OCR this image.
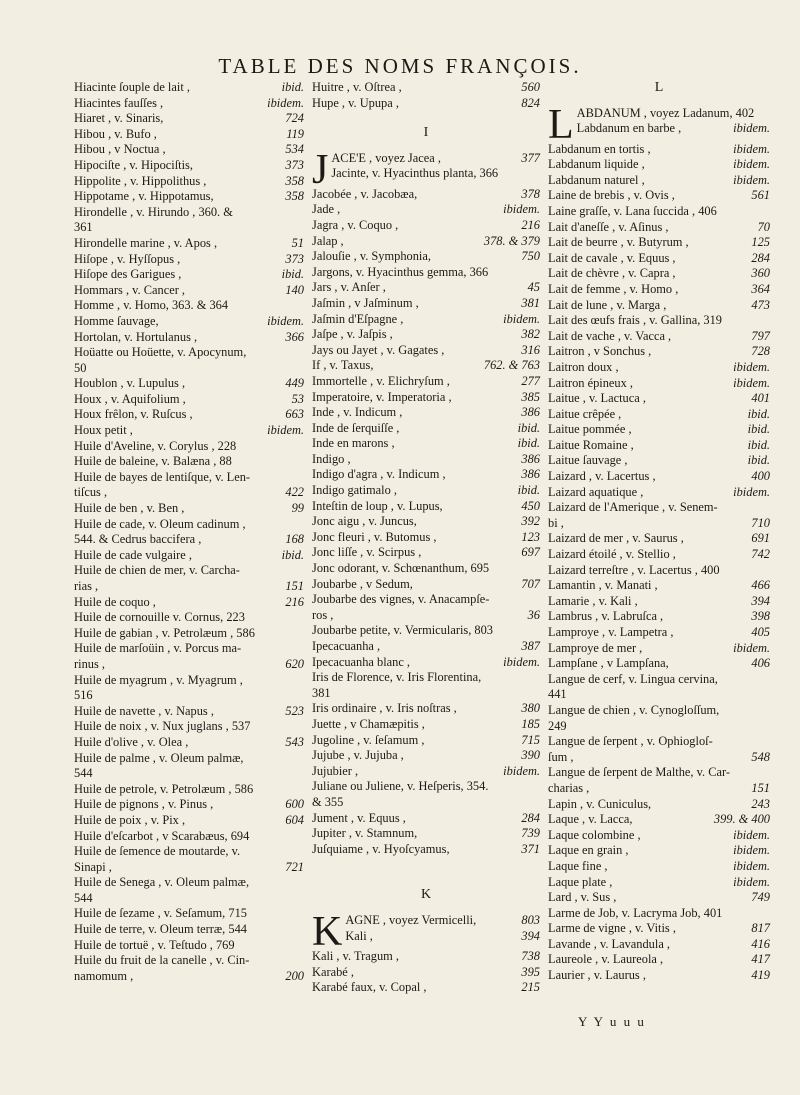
TABLE DES NOMS FRANÇOIS.
Hiacinte ſouple de lait ,	ibid.
Hiacintes fauſſes ,	ibidem.
Hiaret , v. Sinaris,	724
Hibou , v. Bufo ,	119
Hibou , v Noctua ,	534
Hipociſte , v. Hipociſtis,	373
Hippolite , v. Hippolithus ,	358
Hippotame , v. Hippotamus,	358
Hirondelle , v. Hirundo , 360. &
361
Hirondelle marine , v. Apos ,	51
Hiſope , v. Hyſſopus ,	373
Hiſope des Garigues ,	ibid.
Hommars , v. Cancer ,	140
Homme , v. Homo, 363. & 364
Homme ſauvage,	ibidem.
Hortolan, v. Hortulanus ,	366
Hoüatte ou Hoüette, v. Apocynum,
50
Houblon , v. Lupulus ,	449
Houx , v. Aquifolium ,	53
Houx frêlon, v. Ruſcus ,	663
Houx petit ,	ibidem.
Huile d'Aveline, v. Corylus , 228
Huile de baleine, v. Balæna , 88
Huile de bayes de lentiſque, v. Len-
tiſcus ,	422
Huile de ben , v. Ben ,	99
Huile de cade, v. Oleum cadinum ,
544. & Cedrus baccifera ,	168
Huile de cade vulgaire ,	ibid.
Huile de chien de mer, v. Carcha-
rias ,	151
Huile de coquo ,	216
Huile de cornouille v. Cornus, 223
Huile de gabian , v. Petrolæum , 586
Huile de marſoüin , v. Porcus ma-
rinus ,	620
Huile de myagrum , v. Myagrum ,
516
Huile de navette , v. Napus ,	523
Huile de noix , v. Nux juglans , 537
Huile d'olive , v. Olea ,	543
Huile de palme , v. Oleum palmæ,
544
Huile de petrole, v. Petrolæum , 586
Huile de pignons , v. Pinus ,	600
Huile de poix , v. Pix ,	604
Huile d'eſcarbot , v Scarabæus, 694
Huile de ſemence de moutarde, v.
Sinapi ,	721
Huile de Senega , v. Oleum palmæ,
544
Huile de ſezame , v. Seſamum, 715
Huile de terre, v. Oleum terræ, 544
Huile de tortuë , v. Teſtudo , 769
Huile du fruit de la canelle , v. Cin-
namomum ,	200
Huitre , v. Oſtrea ,	560
Hupe , v. Upupa ,	824
I
J ACE'E , voyez Jacea ,	377
Jacinte, v. Hyacinthus planta, 366
Jacobée , v. Jacobæa,	378
Jade ,	ibidem.
Jagra , v. Coquo ,	216
Jalap ,	378. & 379
Jalouſie , v. Symphonia,	750
Jargons, v. Hyacinthus gemma, 366
Jars , v. Anſer ,	45
Jaſmin , v Jaſminum ,	381
Jaſmin d'Eſpagne ,	ibidem.
Jaſpe , v. Jaſpis ,	382
Jays ou Jayet , v. Gagates ,	316
If , v. Taxus,	762. & 763
Immortelle , v. Elichryſum ,	277
Imperatoire, v. Imperatoria ,	385
Inde , v. Indicum ,	386
Inde de ſerquiſſe ,	ibid.
Inde en marons ,	ibid.
Indigo ,	386
Indigo d'agra , v. Indicum ,	386
Indigo gatimalo ,	ibid.
Inteſtin de loup , v. Lupus,	450
Jonc aigu , v. Juncus,	392
Jonc fleuri , v. Butomus ,	123
Jonc liſſe , v. Scirpus ,	697
Jonc odorant, v. Schœnanthum, 695
Joubarbe , v Sedum,	707
Joubarbe des vignes, v. Anacampſe-
ros ,	36
Joubarbe petite, v. Vermicularis, 803
Ipecacuanha ,	387
Ipecacuanha blanc ,	ibidem.
Iris de Florence, v. Iris Florentina,
381
Iris ordinaire , v. Iris noſtras ,	380
Juette , v Chamæpitis ,	185
Jugoline , v. ſeſamum ,	715
Jujube , v. Jujuba ,	390
Jujubier ,	ibidem.
Juliane ou Juliene, v. Heſperis, 354.
& 355
Jument , v. Equus ,	284
Jupiter , v. Stamnum,	739
Juſquiame , v. Hyoſcyamus,	371
K
K AGNE , voyez Vermicelli,	803
Kali ,	394
Kali , v. Tragum ,	738
Karabé ,	395
Karabé faux, v. Copal ,	215
L
L ABDANUM , voyez Ladanum, 402
Labdanum en barbe ,	ibidem.
Labdanum en tortis ,	ibidem.
Labdanum liquide ,	ibidem.
Labdanum naturel ,	ibidem.
Laine de brebis , v. Ovis ,	561
Laine graſſe, v. Lana ſuccida , 406
Lait d'aneſſe , v. Aſinus ,	70
Lait de beurre , v. Butyrum ,	125
Lait de cavale , v. Equus ,	284
Lait de chèvre , v. Capra ,	360
Lait de femme , v. Homo ,	364
Lait de lune , v. Marga ,	473
Lait des œufs frais , v. Gallina, 319
Lait de vache , v. Vacca ,	797
Laitron , v Sonchus ,	728
Laitron doux ,	ibidem.
Laitron épineux ,	ibidem.
Laitue , v. Lactuca ,	401
Laitue crêpée ,	ibid.
Laitue pommée ,	ibid.
Laitue Romaine ,	ibid.
Laitue ſauvage ,	ibid.
Laizard , v. Lacertus ,	400
Laizard aquatique ,	ibidem.
Laizard de l'Amerique , v. Senem-
bi ,	710
Laizard de mer , v. Saurus ,	691
Laizard étoilé , v. Stellio ,	742
Laizard terreſtre , v. Lacertus , 400
Lamantin , v. Manati ,	466
Lamarie , v. Kali ,	394
Lambrus , v. Labruſca ,	398
Lamproye , v. Lampetra ,	405
Lamproye de mer ,	ibidem.
Lampſane , v Lampſana,	406
Langue de cerf, v. Lingua cervina,
441
Langue de chien , v. Cynogloſſum,
249
Langue de ſerpent , v. Ophiogloſ-
ſum ,	548
Langue de ſerpent de Malthe, v. Car-
charias ,	151
Lapin , v. Cuniculus,	243
Laque , v. Lacca,	399. & 400
Laque colombine ,	ibidem.
Laque en grain ,	ibidem.
Laque fine ,	ibidem.
Laque plate ,	ibidem.
Lard , v. Sus ,	749
Larme de Job, v. Lacryma Job, 401
Larme de vigne , v. Vitis ,	817
Lavande , v. Lavandula ,	416
Laureole , v. Laureola ,	417
Laurier , v. Laurus ,	419
Y Y u u u
